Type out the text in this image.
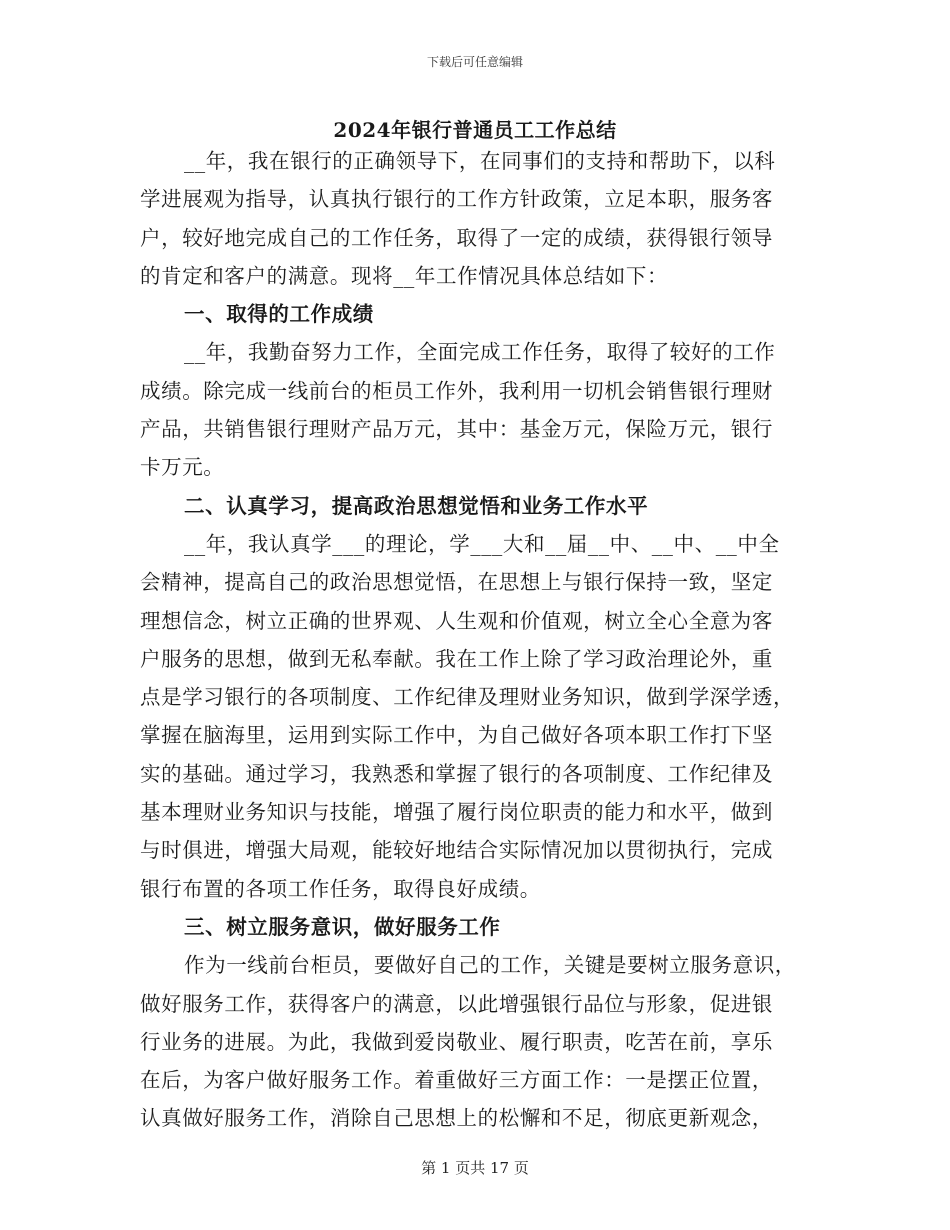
下载后可任意编辑
2024年银行普通员工工作总结
__年，我在银行的正确领导下，在同事们的支持和帮助下，以科
学进展观为指导，认真执行银行的工作方针政策，立足本职，服务客
户，较好地完成自己的工作任务，取得了一定的成绩，获得银行领导
的肯定和客户的满意。现将__年工作情况具体总结如下：
一、取得的工作成绩
__年，我勤奋努力工作，全面完成工作任务，取得了较好的工作
成绩。除完成一线前台的柜员工作外，我利用一切机会销售银行理财
产品，共销售银行理财产品万元，其中：基金万元，保险万元，银行
卡万元。
二、认真学习，提高政治思想觉悟和业务工作水平
__年，我认真学___的理论，学___大和__届__中、__中、__中全
会精神，提高自己的政治思想觉悟，在思想上与银行保持一致，坚定
理想信念，树立正确的世界观、人生观和价值观，树立全心全意为客
户服务的思想，做到无私奉献。我在工作上除了学习政治理论外，重
点是学习银行的各项制度、工作纪律及理财业务知识，做到学深学透，
掌握在脑海里，运用到实际工作中，为自己做好各项本职工作打下坚
实的基础。通过学习，我熟悉和掌握了银行的各项制度、工作纪律及
基本理财业务知识与技能，增强了履行岗位职责的能力和水平，做到
与时俱进，增强大局观，能较好地结合实际情况加以贯彻执行，完成
银行布置的各项工作任务，取得良好成绩。
三、树立服务意识，做好服务工作
作为一线前台柜员，要做好自己的工作，关键是要树立服务意识，
做好服务工作，获得客户的满意，以此增强银行品位与形象，促进银
行业务的进展。为此，我做到爱岗敬业、履行职责，吃苦在前，享乐
在后，为客户做好服务工作。着重做好三方面工作：一是摆正位置，
认真做好服务工作，消除自己思想上的松懈和不足，彻底更新观念，
第 1 页共 17 页
